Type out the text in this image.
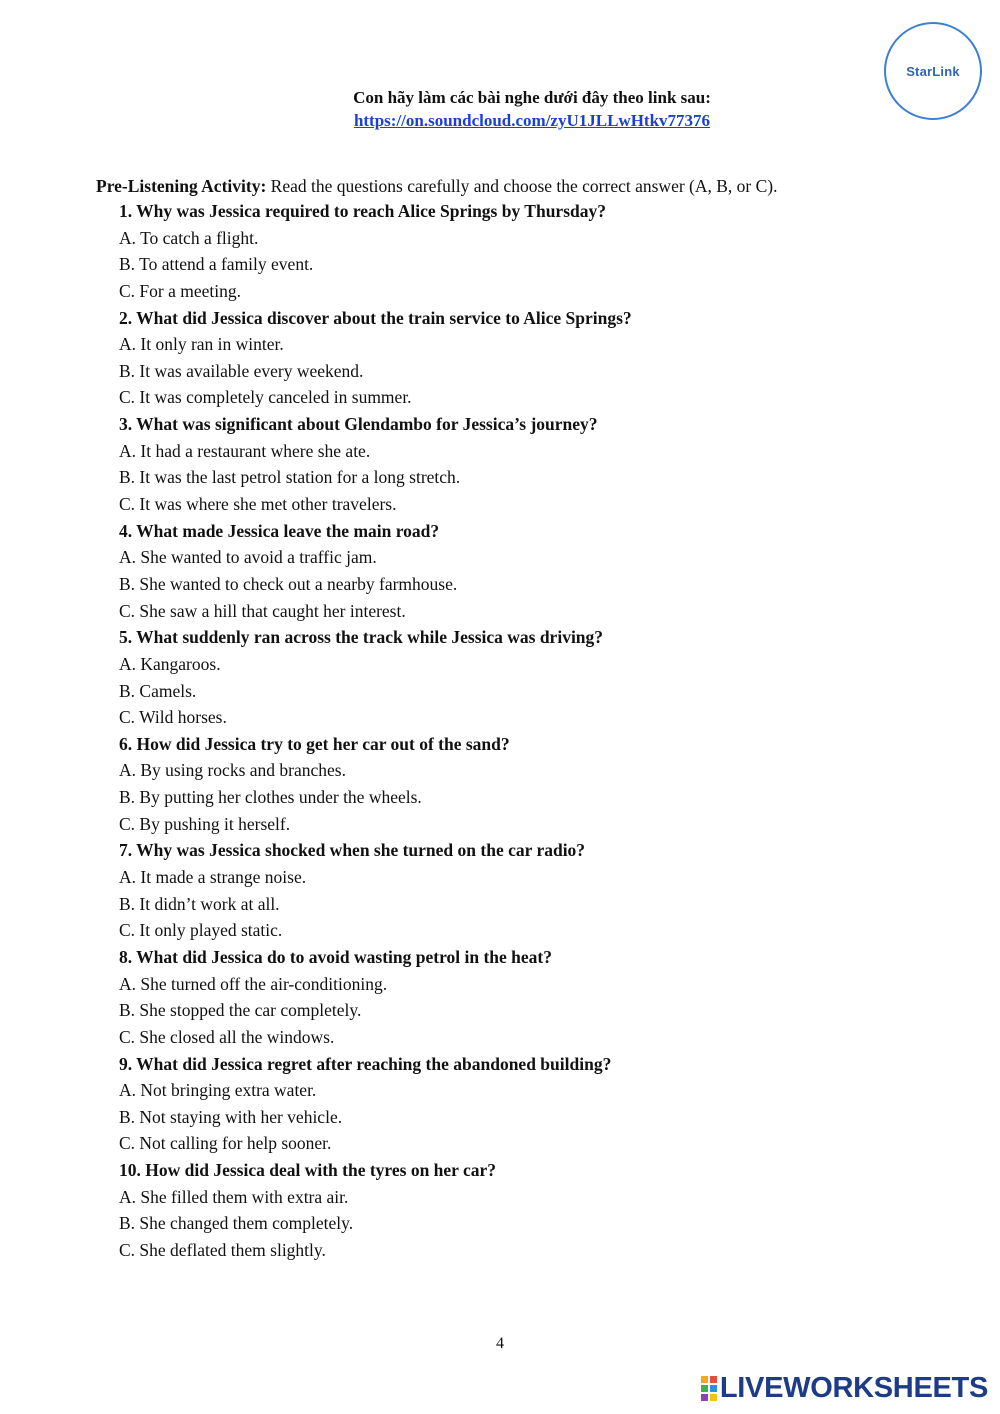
StarLink
Con hãy làm các bài nghe dưới đây theo link sau:
https://on.soundcloud.com/zyU1JLLwHtkv77376
Pre-Listening Activity: Read the questions carefully and choose the correct answer (A, B, or C).
1. Why was Jessica required to reach Alice Springs by Thursday?
A. To catch a flight.
B. To attend a family event.
C. For a meeting.
2. What did Jessica discover about the train service to Alice Springs?
A. It only ran in winter.
B. It was available every weekend.
C. It was completely canceled in summer.
3. What was significant about Glendambo for Jessica’s journey?
A. It had a restaurant where she ate.
B. It was the last petrol station for a long stretch.
C. It was where she met other travelers.
4. What made Jessica leave the main road?
A. She wanted to avoid a traffic jam.
B. She wanted to check out a nearby farmhouse.
C. She saw a hill that caught her interest.
5. What suddenly ran across the track while Jessica was driving?
A. Kangaroos.
B. Camels.
C. Wild horses.
6. How did Jessica try to get her car out of the sand?
A. By using rocks and branches.
B. By putting her clothes under the wheels.
C. By pushing it herself.
7. Why was Jessica shocked when she turned on the car radio?
A. It made a strange noise.
B. It didn’t work at all.
C. It only played static.
8. What did Jessica do to avoid wasting petrol in the heat?
A. She turned off the air-conditioning.
B. She stopped the car completely.
C. She closed all the windows.
9. What did Jessica regret after reaching the abandoned building?
A. Not bringing extra water.
B. Not staying with her vehicle.
C. Not calling for help sooner.
10. How did Jessica deal with the tyres on her car?
A. She filled them with extra air.
B. She changed them completely.
C. She deflated them slightly.
4
LIVEWORKSHEETS
